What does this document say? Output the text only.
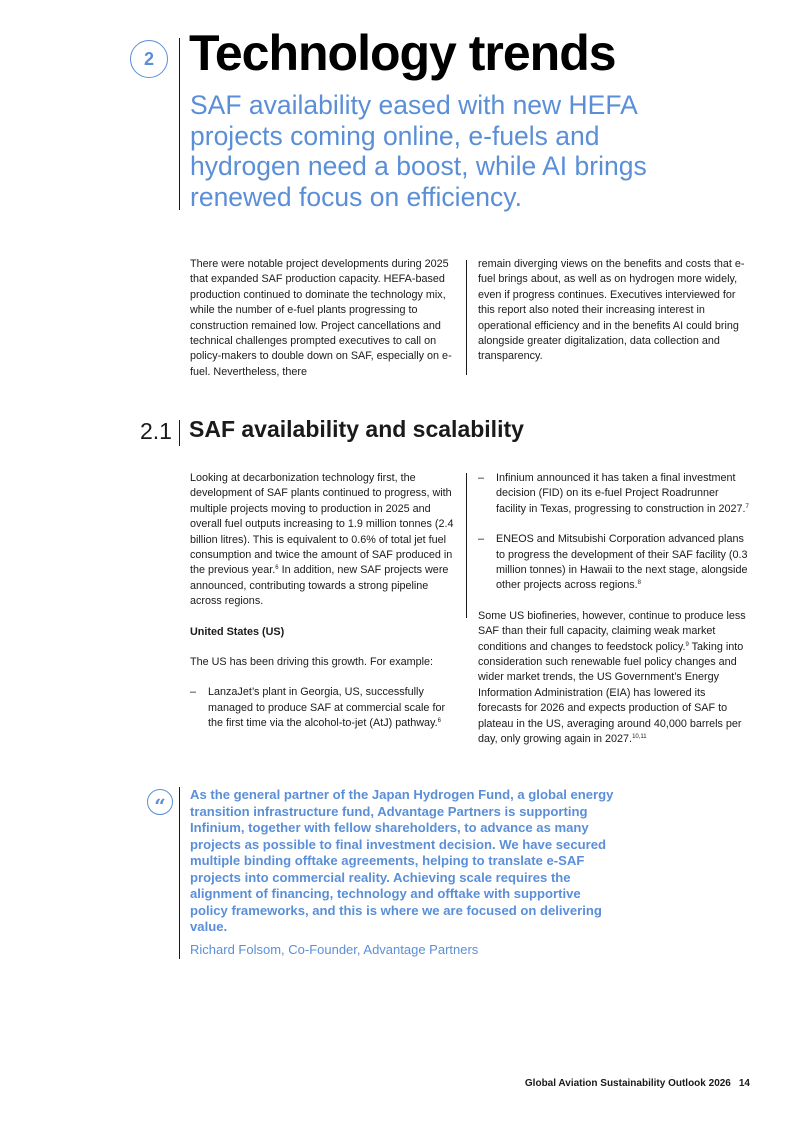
2 Technology trends

SAF availability eased with new HEFA projects coming online, e-fuels and hydrogen need a boost, while AI brings renewed focus on efficiency.

There were notable project developments during 2025 that expanded SAF production capacity. HEFA-based production continued to dominate the technology mix, while the number of e-fuel plants progressing to construction remained low. Project cancellations and technical challenges prompted executives to call on policy-makers to double down on SAF, especially on e-fuel. Nevertheless, there

remain diverging views on the benefits and costs that e-fuel brings about, as well as on hydrogen more widely, even if progress continues. Executives interviewed for this report also noted their increasing interest in operational efficiency and in the benefits AI could bring alongside greater digitalization, data collection and transparency.

2.1 SAF availability and scalability

Looking at decarbonization technology first, the development of SAF plants continued to progress, with multiple projects moving to production in 2025 and overall fuel outputs increasing to 1.9 million tonnes (2.4 billion litres). This is equivalent to 0.6% of total jet fuel consumption and twice the amount of SAF produced in the previous year.$^6$ In addition, new SAF projects were announced, contributing towards a strong pipeline across regions.

United States (US)

The US has been driving this growth. For example:

–	LanzaJet’s plant in Georgia, US, successfully managed to produce SAF at commercial scale for the first time via the alcohol-to-jet (AtJ) pathway.$^6$
–	Infinium announced it has taken a final investment decision (FID) on its e-fuel Project Roadrunner facility in Texas, progressing to construction in 2027.$^7$
–	ENEOS and Mitsubishi Corporation advanced plans to progress the development of their SAF facility (0.3 million tonnes) in Hawaii to the next stage, alongside other projects across regions.$^8$

Some US biofineries, however, continue to produce less SAF than their full capacity, claiming weak market conditions and changes to feedstock policy.$^9$ Taking into consideration such renewable fuel policy changes and wider market trends, the US Government’s Energy Information Administration (EIA) has lowered its forecasts for 2026 and expects production of SAF to plateau in the US, averaging around 40,000 barrels per day, only growing again in 2027.$^{10,11}$

“	As the general partner of the Japan Hydrogen Fund, a global energy transition infrastructure fund, Advantage Partners is supporting Infinium, together with fellow shareholders, to advance as many projects as possible to final investment decision. We have secured multiple binding offtake agreements, helping to translate e-SAF projects into commercial reality. Achieving scale requires the alignment of financing, technology and offtake with supportive policy frameworks, and this is where we are focused on delivering value.

Richard Folsom, Co-Founder, Advantage Partners

Global Aviation Sustainability Outlook 2026 14
